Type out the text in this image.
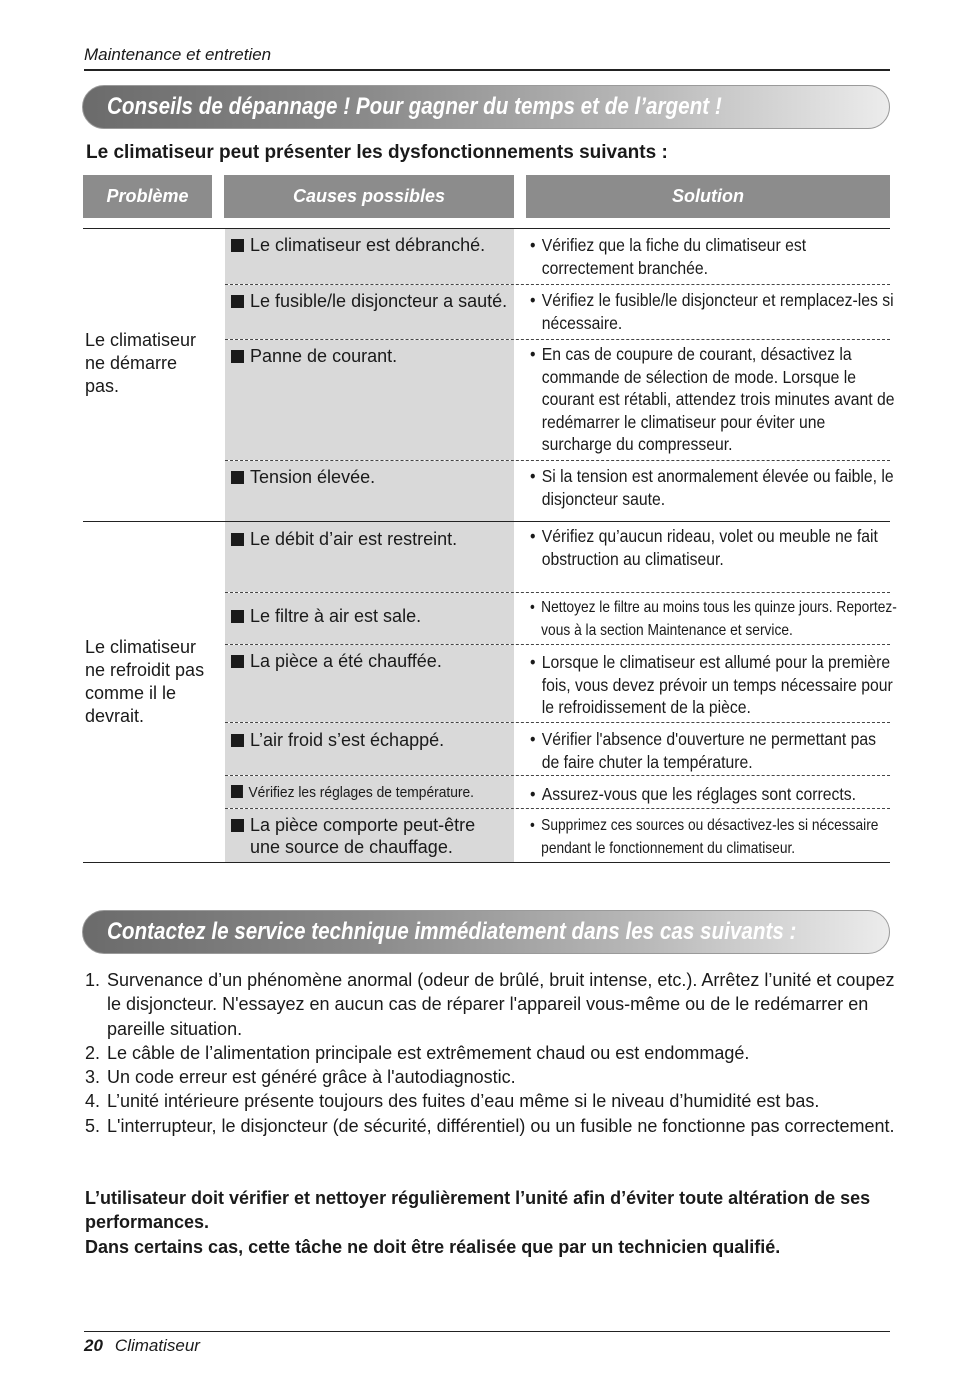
Maintenance et entretien
Conseils de dépannage ! Pour gagner du temps et de l’argent !
Le climatiseur peut présenter les dysfonctionnements suivants :
Problème	Causes possibles	Solution
Le climatiseur ne démarre pas.
Le climatiseur est débranché.	• Vérifiez que la fiche du climatiseur est correctement branchée.
Le fusible/le disjoncteur a sauté. • Vérifiez le fusible/le disjoncteur et remplacez-les si nécessaire.
Panne de courant.	• En cas de coupure de courant, désactivez la commande de sélection de mode. Lorsque le courant est rétabli, attendez trois minutes avant de redémarrer le climatiseur pour éviter une surcharge du compresseur.
Tension élevée.	• Si la tension est anormalement élevée ou faible, le disjoncteur saute.
Le climatiseur ne refroidit pas comme il le devrait.
Le débit d’air est restreint.	• Vérifiez qu’aucun rideau, volet ou meuble ne fait obstruction au climatiseur.
Le filtre à air est sale.	• Nettoyez le filtre au moins tous les quinze jours. Reportez-vous à la section Maintenance et service.
La pièce a été chauffée.	• Lorsque le climatiseur est allumé pour la première fois, vous devez prévoir un temps nécessaire pour le refroidissement de la pièce.
L’air froid s’est échappé.	• Vérifier l'absence d'ouverture ne permettant pas de faire chuter la température.
Vérifiez les réglages de température.	• Assurez-vous que les réglages sont corrects.
La pièce comporte peut-être une source de chauffage.
• Supprimez ces sources ou désactivez-les si nécessaire pendant le fonctionnement du climatiseur.
Contactez le service technique immédiatement dans les cas suivants :
1. Survenance d’un phénomène anormal (odeur de brûlé, bruit intense, etc.). Arrêtez l’unité et coupez le disjoncteur. N'essayez en aucun cas de réparer l'appareil vous-même ou de le redémarrer en pareille situation.
2. Le câble de l’alimentation principale est extrêmement chaud ou est endommagé.
3. Un code erreur est généré grâce à l'autodiagnostic.
4. L’unité intérieure présente toujours des fuites d’eau même si le niveau d’humidité est bas.
5. L'interrupteur, le disjoncteur (de sécurité, différentiel) ou un fusible ne fonctionne pas correctement.
L’utilisateur doit vérifier et nettoyer régulièrement l’unité afin d’éviter toute altération de ses performances.
Dans certains cas, cette tâche ne doit être réalisée que par un technicien qualifié.
20 Climatiseur
